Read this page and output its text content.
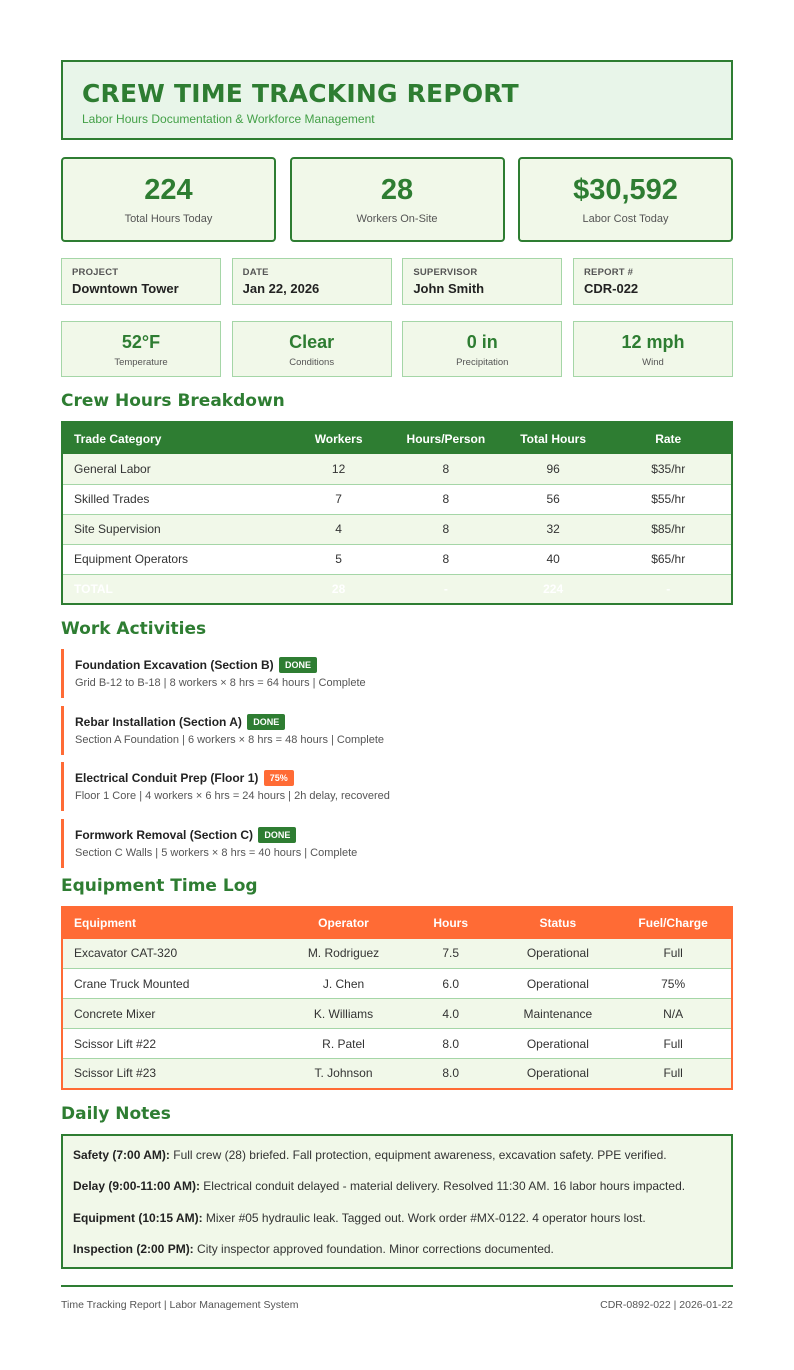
CREW TIME TRACKING REPORT
Labor Hours Documentation & Workforce Management
224
Total Hours Today
28
Workers On-Site
$30,592
Labor Cost Today
PROJECT
Downtown Tower
DATE
Jan 22, 2026
SUPERVISOR
John Smith
REPORT #
CDR-022
52°F
Temperature
Clear
Conditions
0 in
Precipitation
12 mph
Wind
Crew Hours Breakdown
Trade Category	Workers	Hours/Person	Total Hours	Rate
General Labor	12	8	96	$35/hr
Skilled Trades	7	8	56	$55/hr
Site Supervision	4	8	32	$85/hr
Equipment Operators	5	8	40	$65/hr
TOTAL	28	-	224	-
Work Activities
Foundation Excavation (Section B) DONE
Grid B-12 to B-18 | 8 workers × 8 hrs = 64 hours | Complete
Rebar Installation (Section A) DONE
Section A Foundation | 6 workers × 8 hrs = 48 hours | Complete
Electrical Conduit Prep (Floor 1) 75%
Floor 1 Core | 4 workers × 6 hrs = 24 hours | 2h delay, recovered
Formwork Removal (Section C) DONE
Section C Walls | 5 workers × 8 hrs = 40 hours | Complete
Equipment Time Log
Equipment	Operator	Hours	Status	Fuel/Charge
Excavator CAT-320	M. Rodriguez	7.5	Operational	Full
Crane Truck Mounted	J. Chen	6.0	Operational	75%
Concrete Mixer	K. Williams	4.0	Maintenance	N/A
Scissor Lift #22	R. Patel	8.0	Operational	Full
Scissor Lift #23	T. Johnson	8.0	Operational	Full
Daily Notes
Safety (7:00 AM): Full crew (28) briefed. Fall protection, equipment awareness, excavation safety. PPE verified.
Delay (9:00-11:00 AM): Electrical conduit delayed - material delivery. Resolved 11:30 AM. 16 labor hours impacted.
Equipment (10:15 AM): Mixer #05 hydraulic leak. Tagged out. Work order #MX-0122. 4 operator hours lost.
Inspection (2:00 PM): City inspector approved foundation. Minor corrections documented.
Time Tracking Report | Labor Management System	CDR-0892-022 | 2026-01-22
